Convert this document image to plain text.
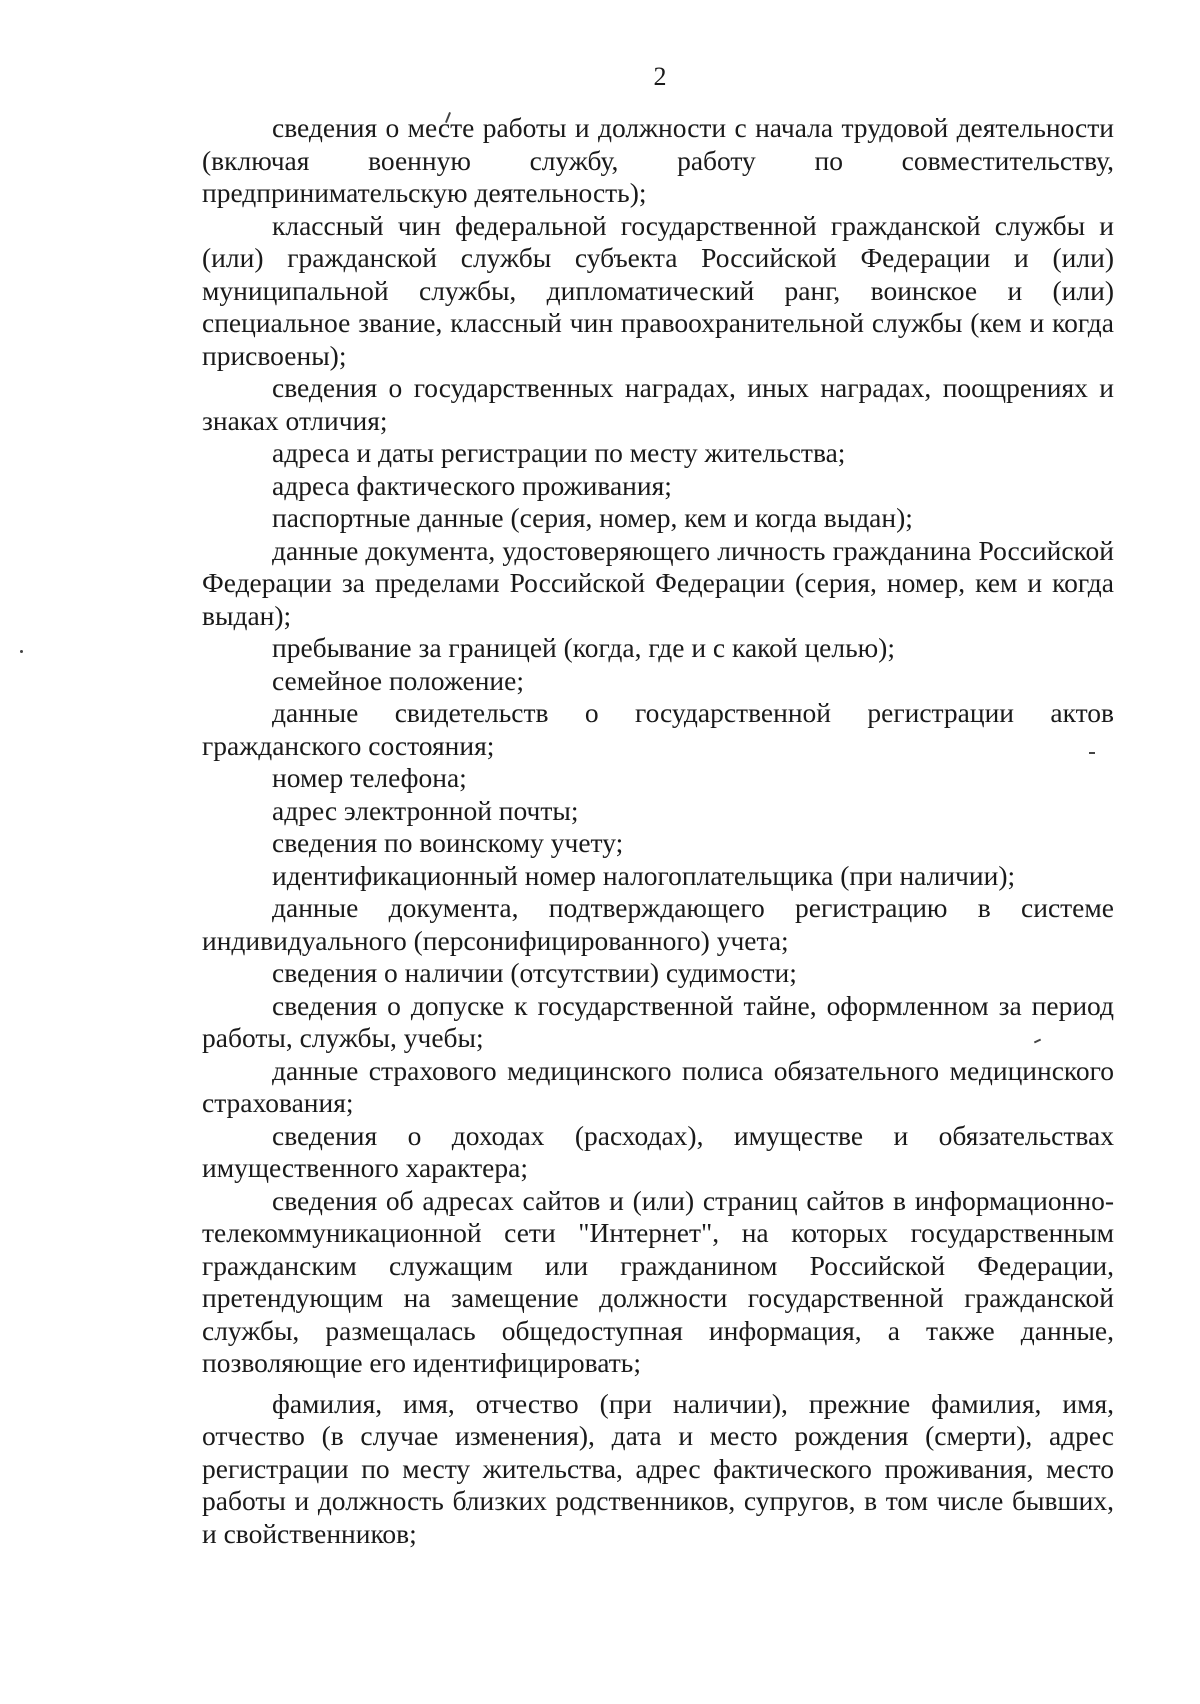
2

сведения о месте работы и должности с начала трудовой деятельности (включая военную службу, работу по совместительству, предпринимательскую деятельность);

классный чин федеральной государственной гражданской службы и (или) гражданской службы субъекта Российской Федерации и (или) муниципальной службы, дипломатический ранг, воинское и (или) специальное звание, классный чин правоохранительной службы (кем и когда присвоены);

сведения о государственных наградах, иных наградах, поощрениях и знаках отличия;

адреса и даты регистрации по месту жительства;

адреса фактического проживания;

паспортные данные (серия, номер, кем и когда выдан);

данные документа, удостоверяющего личность гражданина Российской Федерации за пределами Российской Федерации (серия, номер, кем и когда выдан);

пребывание за границей (когда, где и с какой целью);

семейное положение;

данные свидетельств о государственной регистрации актов гражданского состояния;

номер телефона;

адрес электронной почты;

сведения по воинскому учету;

идентификационный номер налогоплательщика (при наличии);

данные документа, подтверждающего регистрацию в системе индивидуального (персонифицированного) учета;

сведения о наличии (отсутствии) судимости;

сведения о допуске к государственной тайне, оформленном за период работы, службы, учебы;

данные страхового медицинского полиса обязательного медицинского страхования;

сведения о доходах (расходах), имуществе и обязательствах имущественного характера;

сведения об адресах сайтов и (или) страниц сайтов в информационно-телекоммуникационной сети "Интернет", на которых государственным гражданским служащим или гражданином Российской Федерации, претендующим на замещение должности государственной гражданской службы, размещалась общедоступная информация, а также данные, позволяющие его идентифицировать;

фамилия, имя, отчество (при наличии), прежние фамилия, имя, отчество (в случае изменения), дата и место рождения (смерти), адрес регистрации по месту жительства, адрес фактического проживания, место работы и должность близких родственников, супругов, в том числе бывших, и свойственников;
